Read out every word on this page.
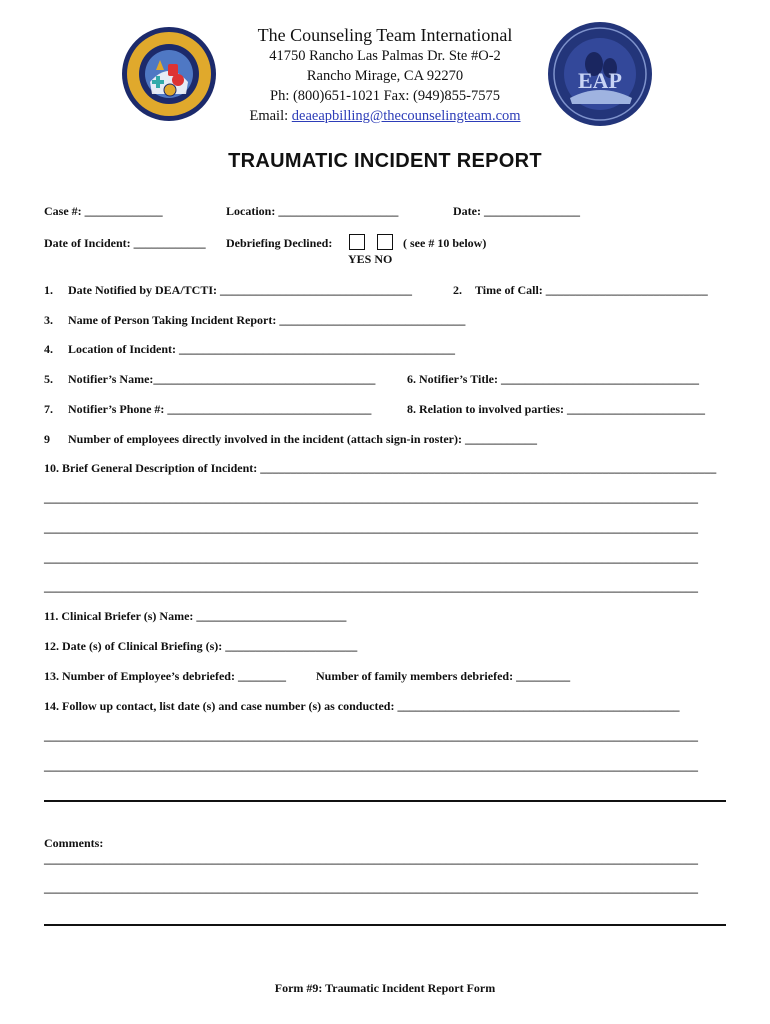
EAP
The Counseling Team International
41750 Rancho Las Palmas Dr. Ste #O-2
Rancho Mirage, CA 92270
Ph: (800)651-1021 Fax: (949)855-7575
Email: deaeapbilling@thecounselingteam.com
TRAUMATIC INCIDENT REPORT
Case #: _____________	Location: ____________________	Date: ________________
Date of Incident: ____________ Debriefing Declined:	( see # 10 below)
YES NO
1. Date Notified by DEA/TCTI: ________________________________	2. Time of Call: ___________________________
3. Name of Person Taking Incident Report: _______________________________
4. Location of Incident: ______________________________________________
5. Notifier’s Name:_____________________________________	6. Notifier’s Title: _________________________________
7. Notifier’s Phone #: __________________________________	8. Relation to involved parties: _______________________
9 Number of employees directly involved in the incident (attach sign-in roster): ____________
10. Brief General Description of Incident: ____________________________________________________________________________
_____________________________________________________________________________________________________________
_____________________________________________________________________________________________________________
_____________________________________________________________________________________________________________
_____________________________________________________________________________________________________________
11. Clinical Briefer (s) Name: _________________________
12. Date (s) of Clinical Briefing (s): ______________________
13. Number of Employee’s debriefed: ________	Number of family members debriefed: _________
14. Follow up contact, list date (s) and case number (s) as conducted: _______________________________________________
_____________________________________________________________________________________________________________
_____________________________________________________________________________________________________________
Comments:
_____________________________________________________________________________________________________________
_____________________________________________________________________________________________________________
Form #9: Traumatic Incident Report Form
